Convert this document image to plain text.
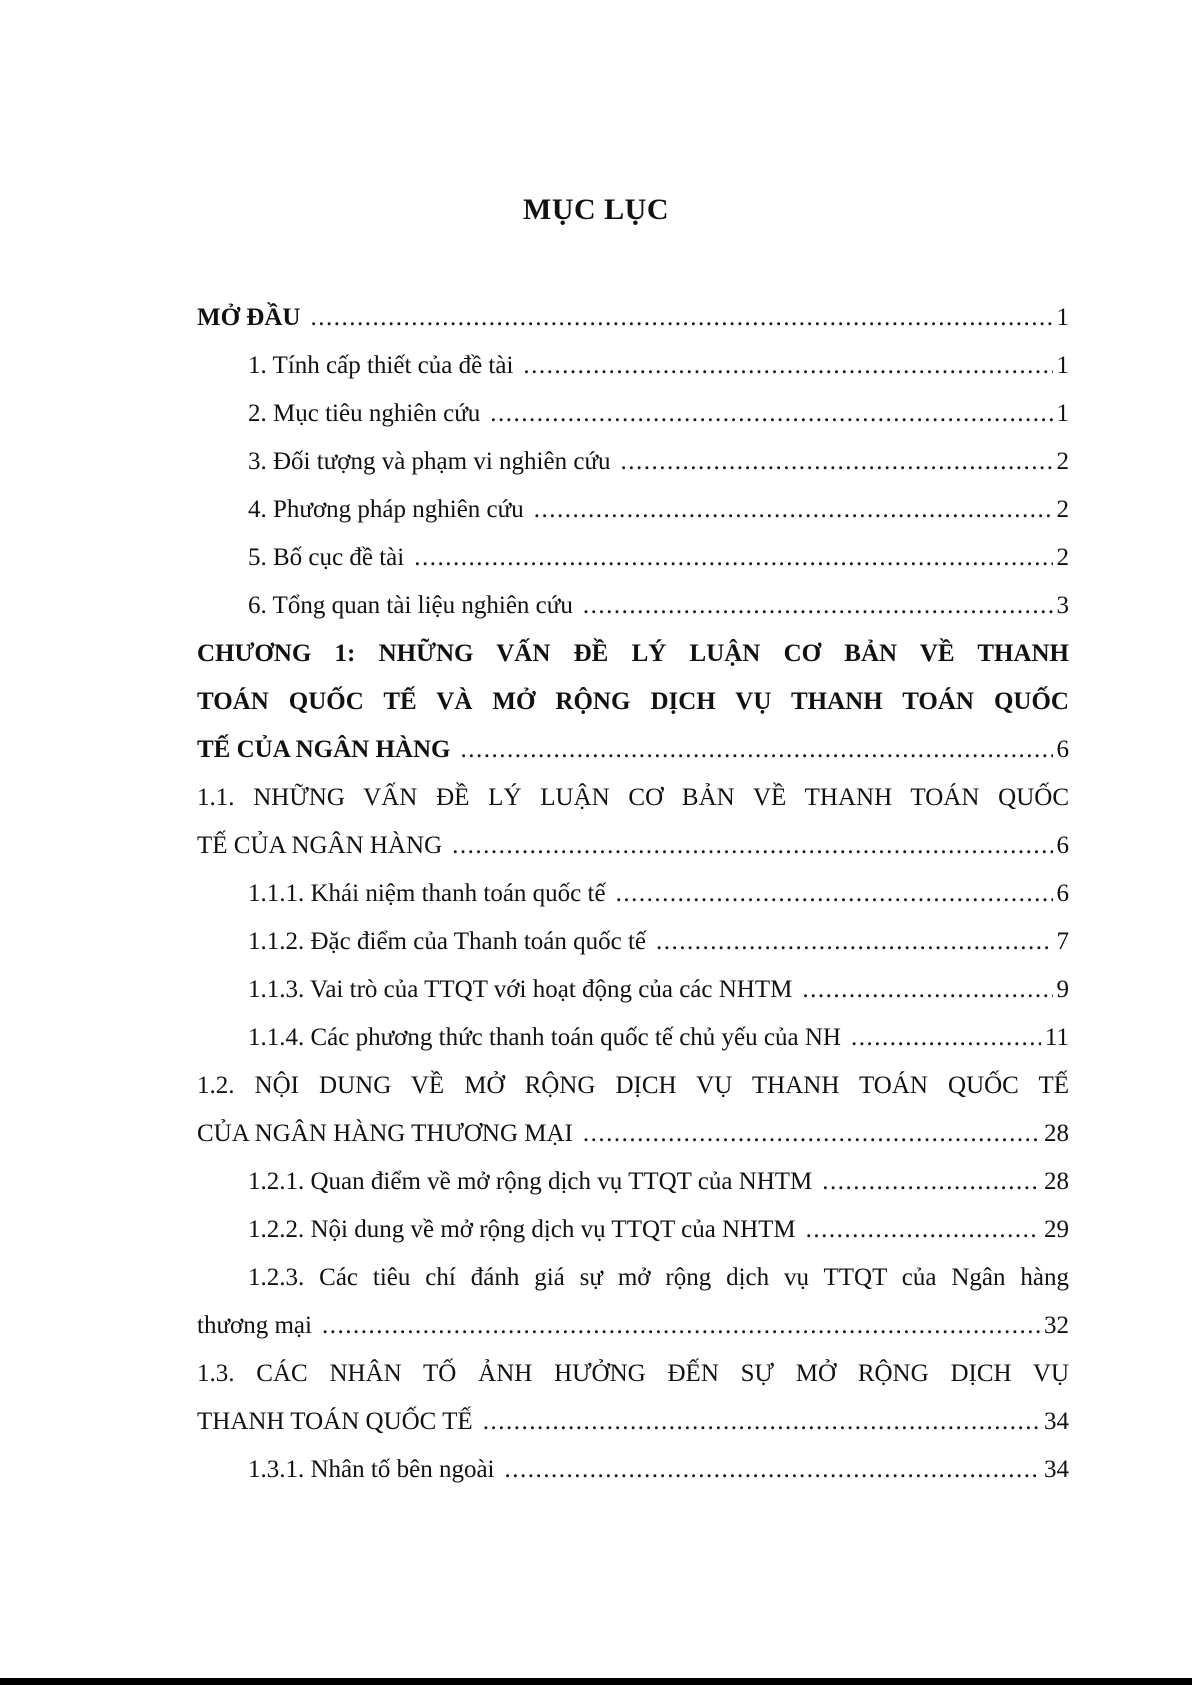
MỤC LỤC
MỞ ĐẦU .....	1
1. Tính cấp thiết của đề tài .....	1
2. Mục tiêu nghiên cứu .....	1
3. Đối tượng và phạm vi nghiên cứu .....	2
4. Phương pháp nghiên cứu .....	2
5. Bố cục đề tài .....	2
6. Tổng quan tài liệu nghiên cứu .....	3
CHƯƠNG 1: NHỮNG VẤN ĐỀ LÝ LUẬN CƠ BẢN VỀ THANH
TOÁN QUỐC TẾ VÀ MỞ RỘNG DỊCH VỤ THANH TOÁN QUỐC
TẾ CỦA NGÂN HÀNG .....	6
1.1. NHỮNG VẤN ĐỀ LÝ LUẬN CƠ BẢN VỀ THANH TOÁN QUỐC
TẾ CỦA NGÂN HÀNG .....	6
1.1.1. Khái niệm thanh toán quốc tế .....	6
1.1.2. Đặc điểm của Thanh toán quốc tế .....	7
1.1.3. Vai trò của TTQT với hoạt động của các NHTM .....	9
1.1.4. Các phương thức thanh toán quốc tế chủ yếu của NH .....	11
1.2. NỘI DUNG VỀ MỞ RỘNG DỊCH VỤ THANH TOÁN QUỐC TẾ
CỦA NGÂN HÀNG THƯƠNG MẠI .....	28
1.2.1. Quan điểm về mở rộng dịch vụ TTQT của NHTM .....	28
1.2.2. Nội dung về mở rộng dịch vụ TTQT của NHTM .....	29
1.2.3. Các tiêu chí đánh giá sự mở rộng dịch vụ TTQT của Ngân hàng
thương mại .....	32
1.3. CÁC NHÂN TỐ ẢNH HƯỞNG ĐẾN SỰ MỞ RỘNG DỊCH VỤ
THANH TOÁN QUỐC TẾ .....	34
1.3.1. Nhân tố bên ngoài .....	34
